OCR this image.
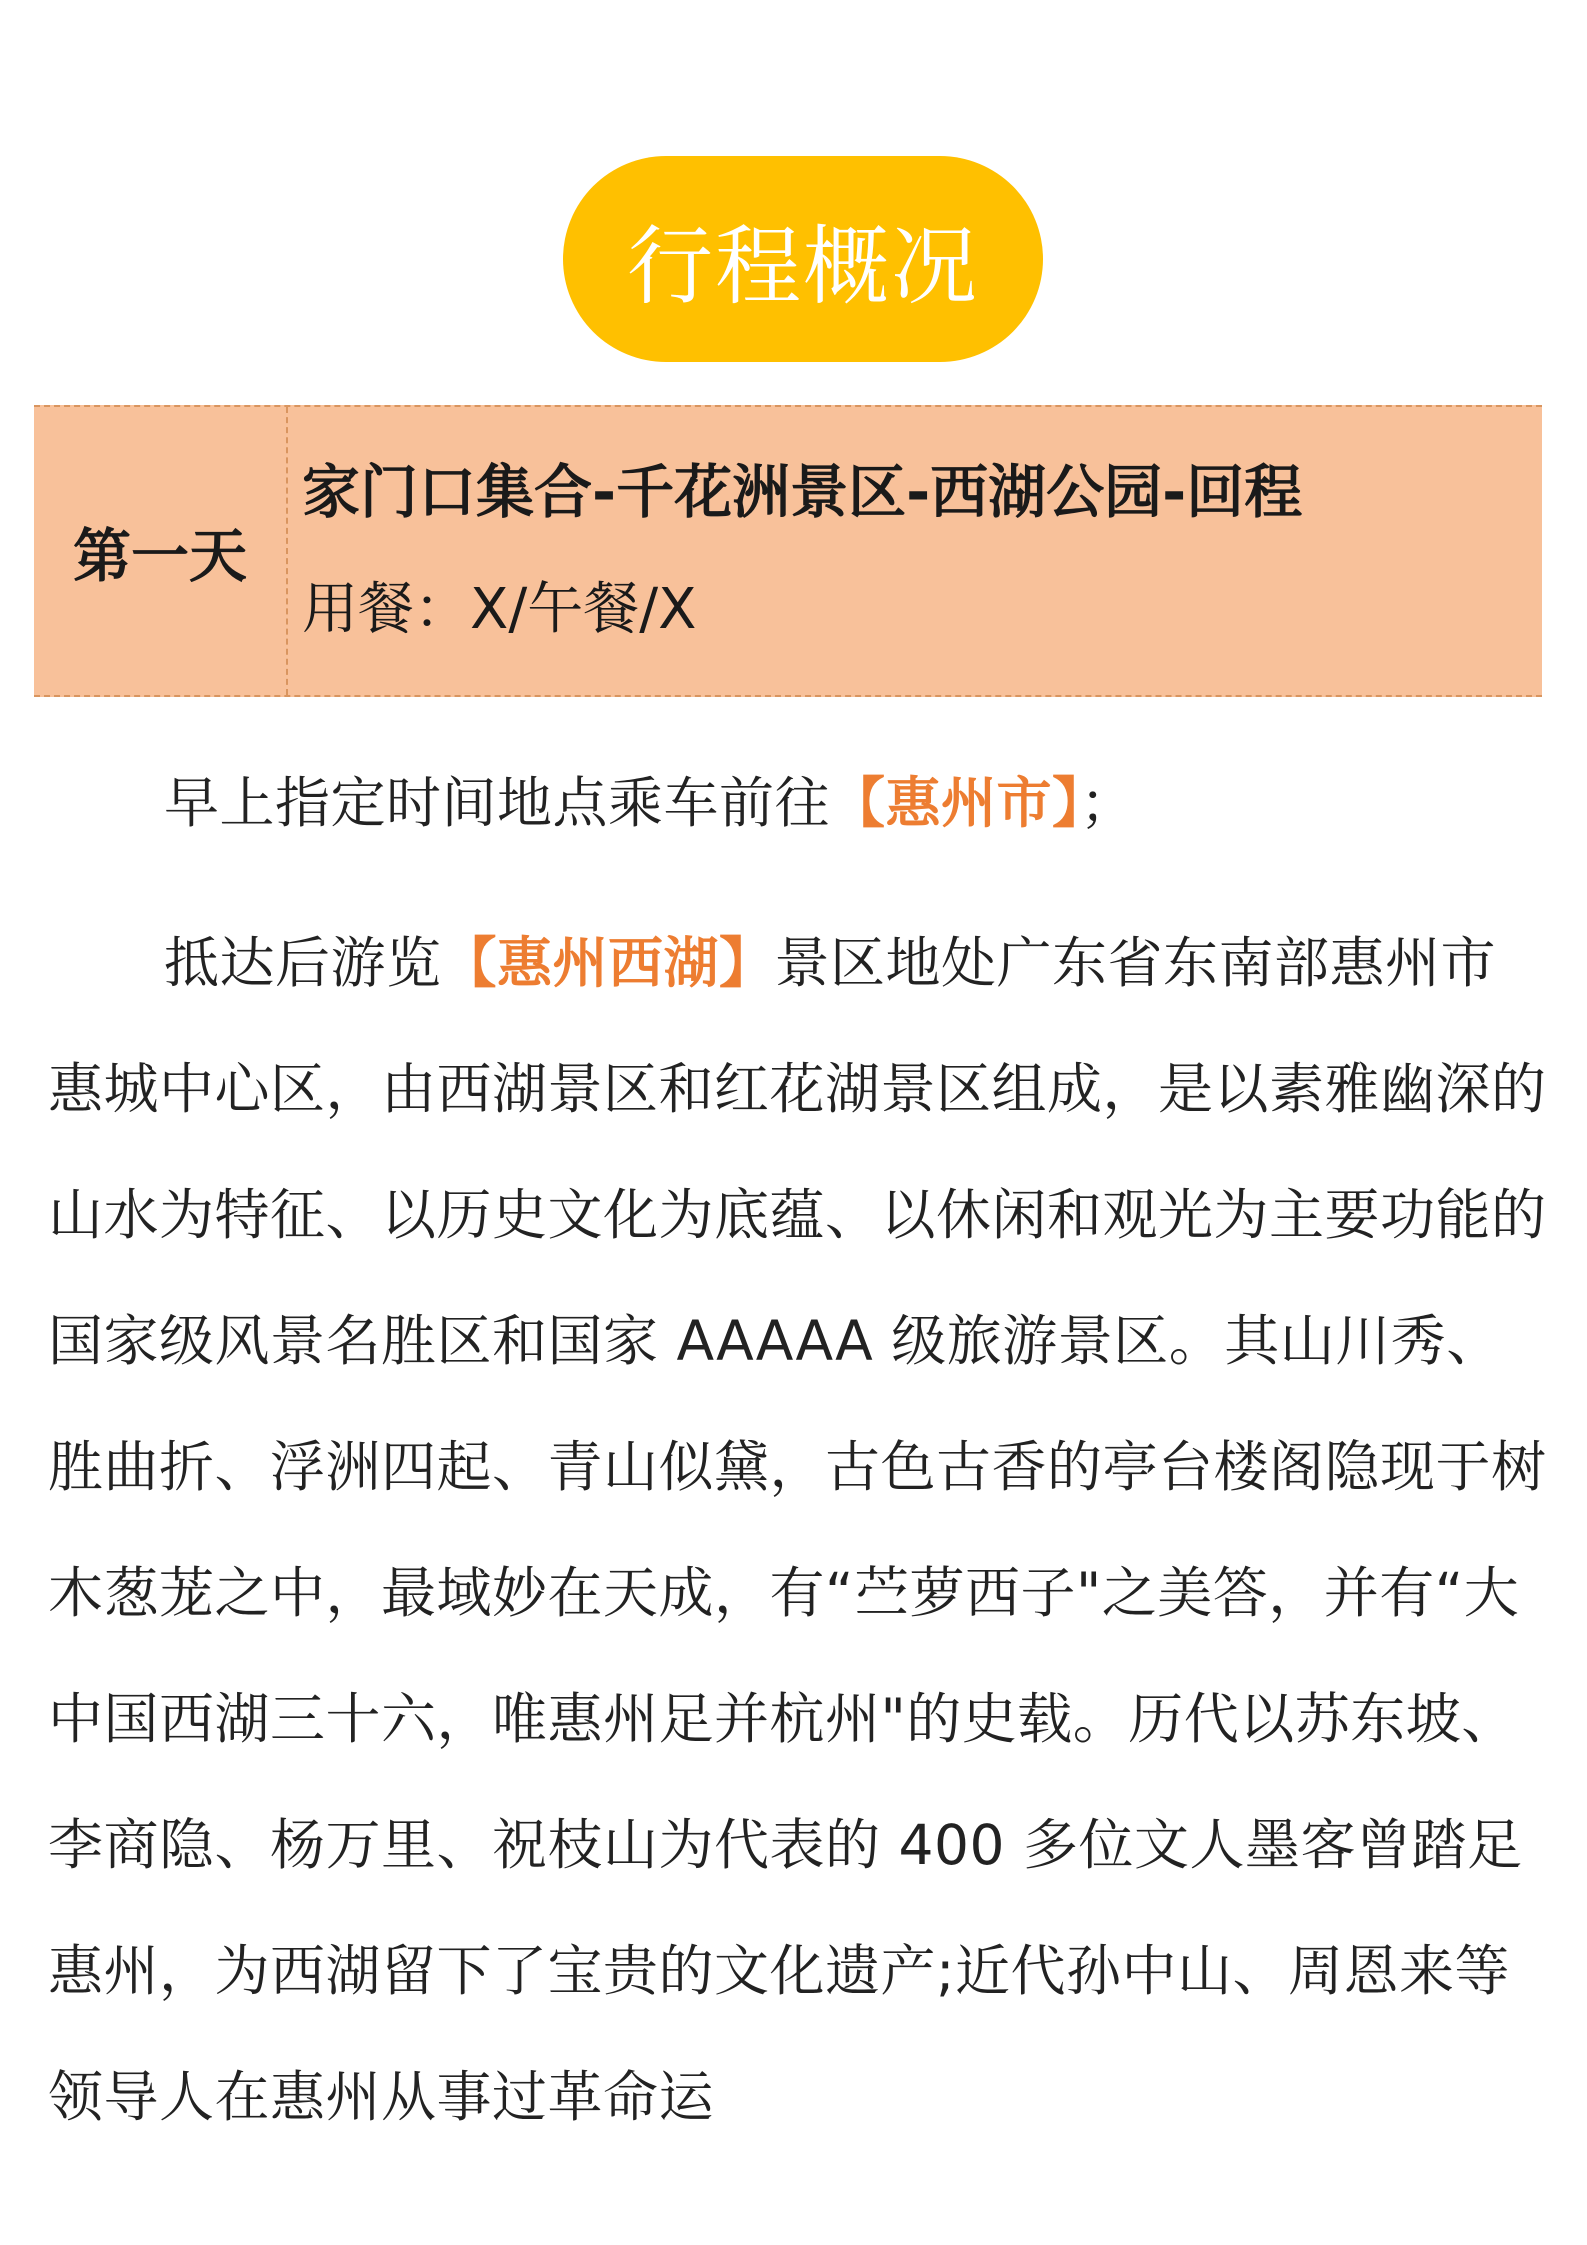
行程概况
第一天
家门口集合-千花洲景区-西湖公园-回程
用餐：X/午餐/X

早上指定时间地点乘车前往【惠州市】；

抵达后游览【惠州西湖】景区地处广东省东南部惠州市惠城中心区，由西湖景区和红花湖景区组成，是以素雅幽深的山水为特征、以历史文化为底蕴、以休闲和观光为主要功能的国家级风景名胜区和国家 AAAAA 级旅游景区。其山川秀、胜曲折、浮洲四起、青山似黛，古色古香的亭台楼阁隐现于树木葱茏之中，最域妙在天成，有“苎萝西子"之美答，并有“大中国西湖三十六，唯惠州足并杭州"的史载。历代以苏东坡、李商隐、杨万里、祝枝山为代表的 400 多位文人墨客曾踏足惠州，为西湖留下了宝贵的文化遗产;近代孙中山、周恩来等领导人在惠州从事过革命运
